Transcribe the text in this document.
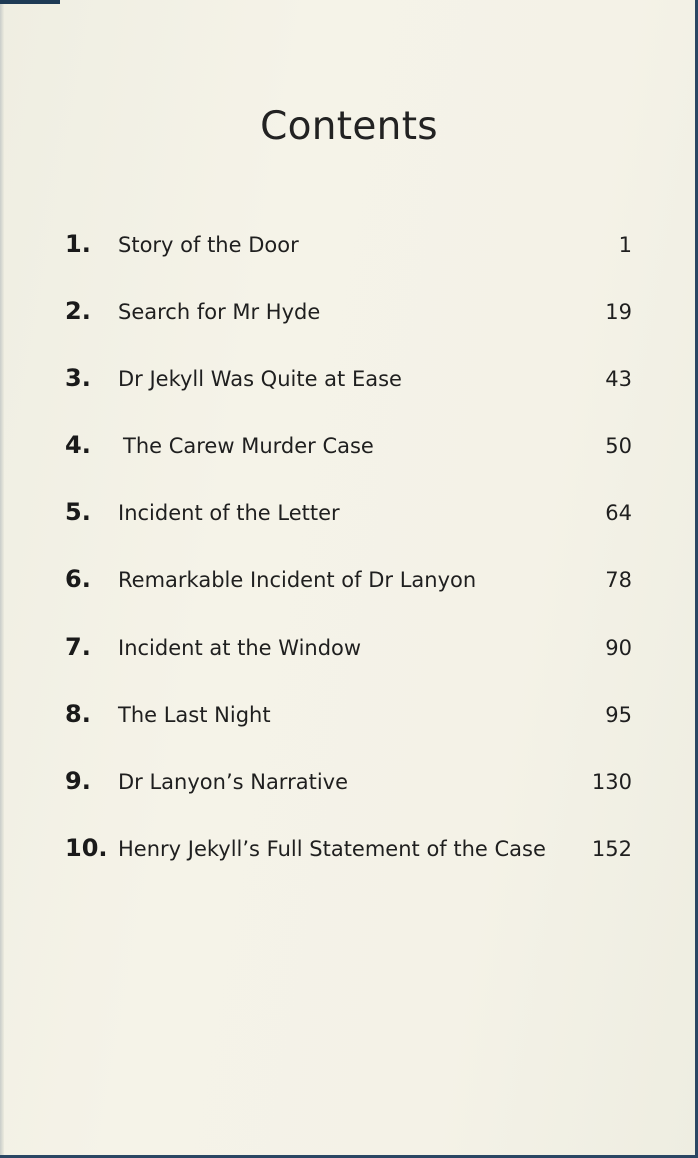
Contents
1. Story of the Door	1
2. Search for Mr Hyde	19
3. Dr Jekyll Was Quite at Ease	43
4. The Carew Murder Case	50
5. Incident of the Letter	64
6. Remarkable Incident of Dr Lanyon	78
7. Incident at the Window	90
8. The Last Night	95
9. Dr Lanyon’s Narrative	130
10. Henry Jekyll’s Full Statement of the Case 152
